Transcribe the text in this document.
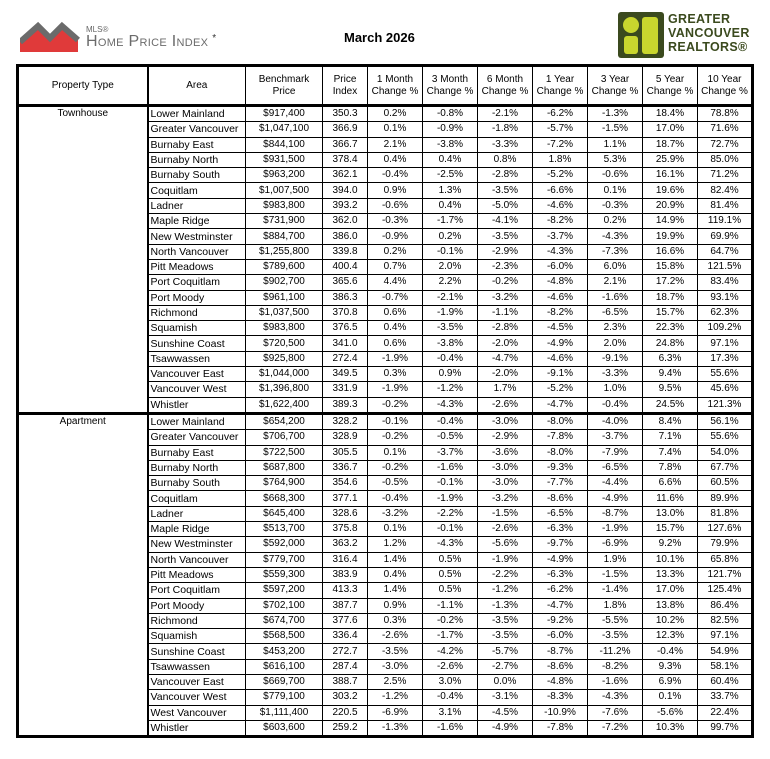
MLS®
Home Price Index *	March 2026
GREATER
VANCOUVER
REALTORS®
Property Type	Area	Benchmark Price	Price Index	1 Month Change %	3 Month Change %	6 Month Change %	1 Year Change %	3 Year Change %	5 Year Change %	10 Year Change %
Townhouse	Lower Mainland	$917,400	350.3	0.2%	-0.8%	-2.1%	-6.2%	-1.3%	18.4%	78.8%
	Greater Vancouver	$1,047,100	366.9	0.1%	-0.9%	-1.8%	-5.7%	-1.5%	17.0%	71.6%
	Burnaby East	$844,100	366.7	2.1%	-3.8%	-3.3%	-7.2%	1.1%	18.7%	72.7%
	Burnaby North	$931,500	378.4	0.4%	0.4%	0.8%	1.8%	5.3%	25.9%	85.0%
	Burnaby South	$963,200	362.1	-0.4%	-2.5%	-2.8%	-5.2%	-0.6%	16.1%	71.2%
	Coquitlam	$1,007,500	394.0	0.9%	1.3%	-3.5%	-6.6%	0.1%	19.6%	82.4%
	Ladner	$983,800	393.2	-0.6%	0.4%	-5.0%	-4.6%	-0.3%	20.9%	81.4%
	Maple Ridge	$731,900	362.0	-0.3%	-1.7%	-4.1%	-8.2%	0.2%	14.9%	119.1%
	New Westminster	$884,700	386.0	-0.9%	0.2%	-3.5%	-3.7%	-4.3%	19.9%	69.9%
	North Vancouver	$1,255,800	339.8	0.2%	-0.1%	-2.9%	-4.3%	-7.3%	16.6%	64.7%
	Pitt Meadows	$789,600	400.4	0.7%	2.0%	-2.3%	-6.0%	6.0%	15.8%	121.5%
	Port Coquitlam	$902,700	365.6	4.4%	2.2%	-0.2%	-4.8%	2.1%	17.2%	83.4%
	Port Moody	$961,100	386.3	-0.7%	-2.1%	-3.2%	-4.6%	-1.6%	18.7%	93.1%
	Richmond	$1,037,500	370.8	0.6%	-1.9%	-1.1%	-8.2%	-6.5%	15.7%	62.3%
	Squamish	$983,800	376.5	0.4%	-3.5%	-2.8%	-4.5%	2.3%	22.3%	109.2%
	Sunshine Coast	$720,500	341.0	0.6%	-3.8%	-2.0%	-4.9%	2.0%	24.8%	97.1%
	Tsawwassen	$925,800	272.4	-1.9%	-0.4%	-4.7%	-4.6%	-9.1%	6.3%	17.3%
	Vancouver East	$1,044,000	349.5	0.3%	0.9%	-2.0%	-9.1%	-3.3%	9.4%	55.6%
	Vancouver West	$1,396,800	331.9	-1.9%	-1.2%	1.7%	-5.2%	1.0%	9.5%	45.6%
	Whistler	$1,622,400	389.3	-0.2%	-4.3%	-2.6%	-4.7%	-0.4%	24.5%	121.3%
Apartment	Lower Mainland	$654,200	328.2	-0.1%	-0.4%	-3.0%	-8.0%	-4.0%	8.4%	56.1%
	Greater Vancouver	$706,700	328.9	-0.2%	-0.5%	-2.9%	-7.8%	-3.7%	7.1%	55.6%
	Burnaby East	$722,500	305.5	0.1%	-3.7%	-3.6%	-8.0%	-7.9%	7.4%	54.0%
	Burnaby North	$687,800	336.7	-0.2%	-1.6%	-3.0%	-9.3%	-6.5%	7.8%	67.7%
	Burnaby South	$764,900	354.6	-0.5%	-0.1%	-3.0%	-7.7%	-4.4%	6.6%	60.5%
	Coquitlam	$668,300	377.1	-0.4%	-1.9%	-3.2%	-8.6%	-4.9%	11.6%	89.9%
	Ladner	$645,400	328.6	-3.2%	-2.2%	-1.5%	-6.5%	-8.7%	13.0%	81.8%
	Maple Ridge	$513,700	375.8	0.1%	-0.1%	-2.6%	-6.3%	-1.9%	15.7%	127.6%
	New Westminster	$592,000	363.2	1.2%	-4.3%	-5.6%	-9.7%	-6.9%	9.2%	79.9%
	North Vancouver	$779,700	316.4	1.4%	0.5%	-1.9%	-4.9%	1.9%	10.1%	65.8%
	Pitt Meadows	$559,300	383.9	0.4%	0.5%	-2.2%	-6.3%	-1.5%	13.3%	121.7%
	Port Coquitlam	$597,200	413.3	1.4%	0.5%	-1.2%	-6.2%	-1.4%	17.0%	125.4%
	Port Moody	$702,100	387.7	0.9%	-1.1%	-1.3%	-4.7%	1.8%	13.8%	86.4%
	Richmond	$674,700	377.6	0.3%	-0.2%	-3.5%	-9.2%	-5.5%	10.2%	82.5%
	Squamish	$568,500	336.4	-2.6%	-1.7%	-3.5%	-6.0%	-3.5%	12.3%	97.1%
	Sunshine Coast	$453,200	272.7	-3.5%	-4.2%	-5.7%	-8.7%	-11.2%	-0.4%	54.9%
	Tsawwassen	$616,100	287.4	-3.0%	-2.6%	-2.7%	-8.6%	-8.2%	9.3%	58.1%
	Vancouver East	$669,700	388.7	2.5%	3.0%	0.0%	-4.8%	-1.6%	6.9%	60.4%
	Vancouver West	$779,100	303.2	-1.2%	-0.4%	-3.1%	-8.3%	-4.3%	0.1%	33.7%
	West Vancouver	$1,111,400	220.5	-6.9%	3.1%	-4.5%	-10.9%	-7.6%	-5.6%	22.4%
	Whistler	$603,600	259.2	-1.3%	-1.6%	-4.9%	-7.8%	-7.2%	10.3%	99.7%
